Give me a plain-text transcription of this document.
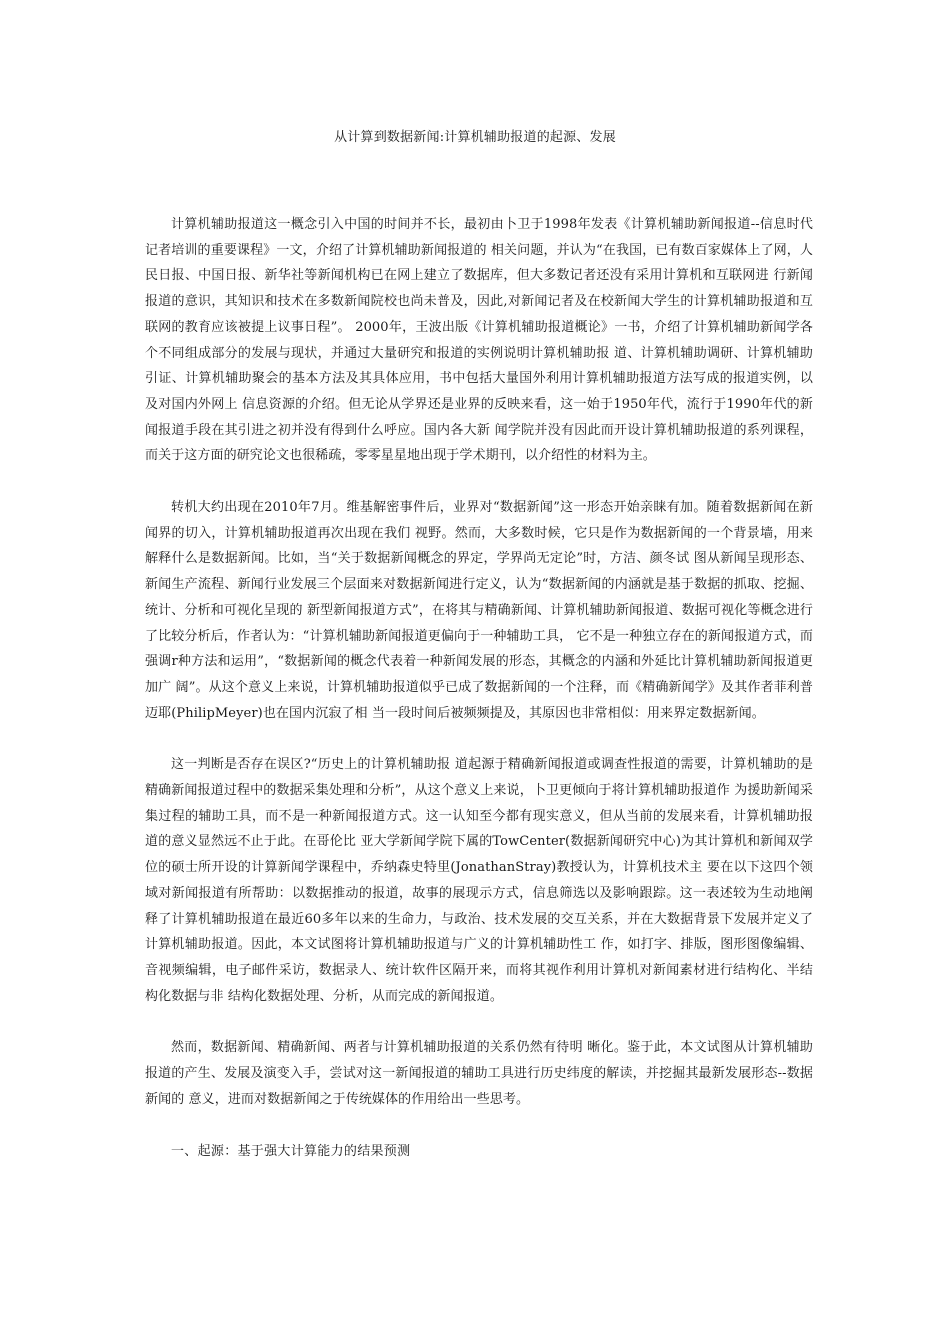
从计算到数据新闻:计算机辅助报道的起源、发展

计算机辅助报道这一概念引入中国的时间并不长，最初由卜卫于1998年发表《计算机辅助新闻报道--信息时代记者培训的重要课程》一文，介绍了计算机辅助新闻报道的 相关问题，并认为“在我国，已有数百家媒体上了网，人民日报、中国日报、新华社等新闻机构已在网上建立了数据库，但大多数记者还没有采用计算机和互联网进 行新闻报道的意识，其知识和技术在多数新闻院校也尚未普及，因此,对新闻记者及在校新闻大学生的计算机辅助报道和互联网的教育应该被提上议事日程”。 2000年，王波出版《计算机辅助报道概论》一书，介绍了计算机辅助新闻学各个不同组成部分的发展与现状，并通过大量研究和报道的实例说明计算机辅助报 道、计算机辅助调研、计算机辅助引证、计算机辅助聚会的基本方法及其具体应用，书中包括大量国外利用计算机辅助报道方法写成的报道实例，以及对国内外网上 信息资源的介绍。但无论从学界还是业界的反映来看，这一始于1950年代，流行于1990年代的新闻报道手段在其引进之初并没有得到什么呼应。国内各大新 闻学院并没有因此而开设计算机辅助报道的系列课程，而关于这方面的研究论文也很稀疏，零零星星地出现于学术期刊，以介绍性的材料为主。

转机大约出现在2010年7月。维基解密事件后，业界对“数据新闻”这一形态开始亲睐有加。随着数据新闻在新闻界的切入，计算机辅助报道再次出现在我们 视野。然而，大多数时候，它只是作为数据新闻的一个背景墙，用来解释什么是数据新闻。比如，当“关于数据新闻概念的界定，学界尚无定论”时，方洁、颜冬试 图从新闻呈现形态、新闻生产流程、新闻行业发展三个层面来对数据新闻进行定义，认为“数据新闻的内涵就是基于数据的抓取、挖掘、统计、分析和可视化呈现的 新型新闻报道方式”，在将其与精确新闻、计算机辅助新闻报道、数据可视化等概念进行了比较分析后，作者认为：“计算机辅助新闻报道更偏向于一种辅助工具， 它不是一种独立存在的新闻报道方式，而强调r种方法和运用”，“数据新闻的概念代表着一种新闻发展的形态，其概念的内涵和外延比计算机辅助新闻报道更加广 阔”。从这个意义上来说，计算机辅助报道似乎已成了数据新闻的一个注释，而《精确新闻学》及其作者菲利普迈耶(PhilipMeyer)也在国内沉寂了相 当一段时间后被频频提及，其原因也非常相似：用来界定数据新闻。

这一判断是否存在误区?“历史上的计算机辅助报 道起源于精确新闻报道或调查性报道的需要，计算机辅助的是精确新闻报道过程中的数据采集处理和分析”，从这个意义上来说，卜卫更倾向于将计算机辅助报道作 为援助新闻采集过程的辅助工具，而不是一种新闻报道方式。这一认知至今都有现实意义，但从当前的发展来看，计算机辅助报道的意义显然远不止于此。在哥伦比 亚大学新闻学院下属的TowCenter(数据新闻研究中心)为其计算机和新闻双学位的硕士所开设的计算新闻学课程中，乔纳森史特里(JonathanStray)教授认为，计算机技术主 要在以下这四个领域对新闻报道有所帮助：以数据推动的报道，故事的展现示方式，信息筛选以及影响跟踪。这一表述较为生动地阐释了计算机辅助报道在最近60多年以来的生命力，与政治、技术发展的交互关系，并在大数据背景下发展并定义了计算机辅助报道。因此，本文试图将计算机辅助报道与广义的计算机辅助性工 作，如打字、排版，图形图像编辑、音视频编辑，电子邮件采访，数据录人、统计软件区隔开来，而将其视作利用计算机对新闻素材进行结构化、半结构化数据与非 结构化数据处理、分析，从而完成的新闻报道。

然而，数据新闻、精确新闻、两者与计算机辅助报道的关系仍然有待明 晰化。鉴于此，本文试图从计算机辅助报道的产生、发展及演变入手，尝试对这一新闻报道的辅助工具进行历史纬度的解读，并挖掘其最新发展形态--数据新闻的 意义，进而对数据新闻之于传统媒体的作用给出一些思考。

一、起源：基于强大计算能力的结果预测
